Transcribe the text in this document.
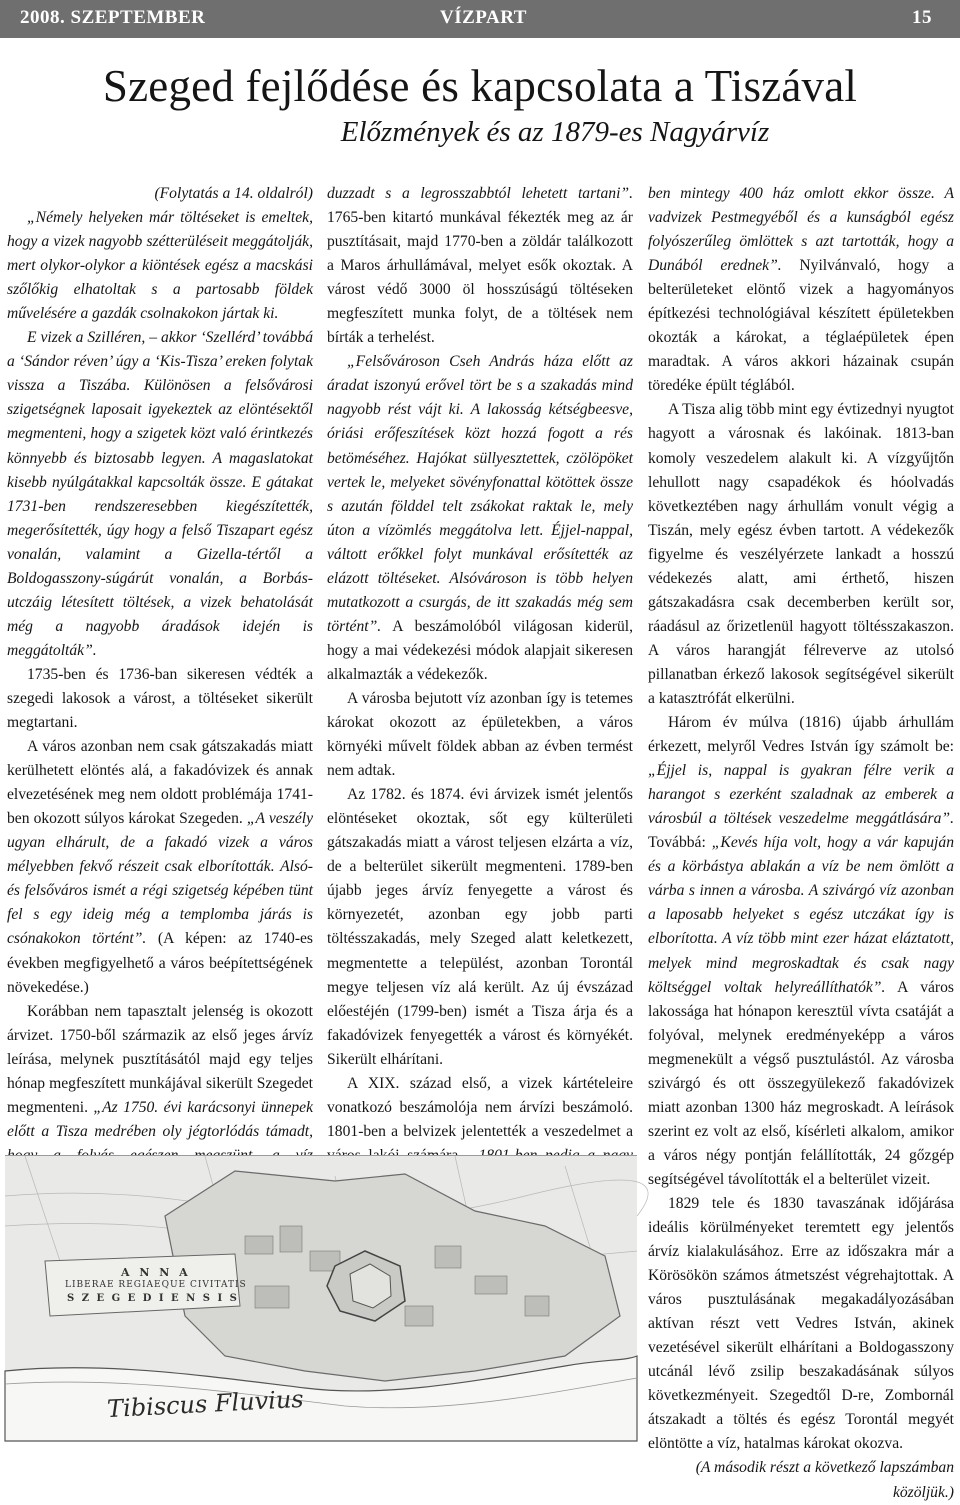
2008. SZEPTEMBER	VÍZPART	15
Szeged fejlődése és kapcsolata a Tiszával
Előzmények és az 1879-es Nagyárvíz

(Folytatás a 14. oldalról)

„Némely helyeken már töltéseket is emeltek, hogy a vizek nagyobb szétterüléseit meggátolják, mert olykor-olykor a kiöntések egész a macskási szőlőkig elhatoltak s a partosabb földek művelésére a gazdák csolnakokon jártak ki.

E vizek a Szilléren, – akkor ‘Szellérd’ továbbá a ‘Sándor réven’ úgy a ‘Kis-Tisza’ ereken folytak vissza a Tiszába. Különösen a felsővárosi szigetségnek laposait igyekeztek az elöntésektől megmenteni, hogy a szigetek közt való érintkezés könnyebb és biztosabb legyen. A magaslatokat kisebb nyúlgátakkal kapcsolták össze. E gátakat 1731-ben rendszeresebben kiegészítették, megerősítették, úgy hogy a felső Tiszapart egész vonalán, valamint a Gizella-tértől a Boldogasszony-súgárút vonalán, a Borbás-utczáig létesített töltések, a vizek behatolását még a nagyobb áradások idején is meggátolták”.

1735-ben és 1736-ban sikeresen védték a szegedi lakosok a várost, a töltéseket sikerült megtartani.

A város azonban nem csak gátszakadás miatt kerülhetett elöntés alá, a fakadóvizek és annak elvezetésének meg nem oldott problémája 1741-ben okozott súlyos károkat Szegeden. „A veszély ugyan elhárult, de a fakadó vizek a város mélyebben fekvő részeit csak elborították. Alsó- és felsőváros ismét a régi szigetség képében tünt fel s egy ideig még a templomba járás is csónakokon történt”. (A képen: az 1740-es években megfigyelhető a város beépítettségének növekedése.)

Korábban nem tapasztalt jelenség is okozott árvizet. 1750-ből származik az első jeges árvíz leírása, melynek pusztításától majd egy teljes hónap megfeszített munkájával sikerült Szegedet megmenteni. „Az 1750. évi karácsonyi ünnepek előtt a Tisza medrében oly jégtorlódás támadt,

duzzadt s a legrosszabbtól lehetett tartani”. 1765-ben kitartó munkával fékezték meg az ár pusztításait, majd 1770-ben a zöldár találkozott a Maros árhullámával, melyet esők okoztak. A várost védő 3000 öl hosszúságú töltéseken megfeszített munka folyt, de a töltések nem bírták a terhelést.

„Felsővároson Cseh András háza előtt az áradat iszonyú erővel tört be s a szakadás mind nagyobb rést vájt ki. A lakosság kétségbeesve, óriási erőfeszítések közt hozzá fogott a rés betöméséhez. Hajókat süllyesztettek, czölöpöket vertek le, melyeket sövényfonattal kötöttek össze s azután földdel telt zsákokat raktak le, mely úton a vízömlés meggátolva lett. Éjjel-nappal, váltott erőkkel folyt munkával erősítették az elázott töltéseket. Alsóvároson is több helyen mutatkozott a csurgás, de itt szakadás még sem történt”. A beszámolóból világosan kiderül, hogy a mai védekezési módok alapjait sikeresen alkalmazták a védekezők.

A városba bejutott víz azonban így is tetemes károkat okozott az épületekben, a város környéki művelt földek abban az évben termést nem adtak.

Az 1782. és 1874. évi árvizek ismét jelentős elöntéseket okoztak, sőt egy külterületi gátszakadás miatt a várost teljesen elzárta a víz, de a belterület sikerült megmenteni. 1789-ben újabb jeges árvíz fenyegette a várost és környezetét, azonban egy jobb parti töltésszakadás, mely Szeged alatt keletkezett, megmentette a települést, azonban Torontál megye teljesen víz alá került. Az új évszázad előestéjén (1799-ben) ismét a Tisza árja és a fakadóvizek fenyegették a várost és környékét. Sikerült elhárítani.

A XIX. század első, a vizek kártételeire vonatkozó beszámolója nem árvízi beszámoló. 1801-ben a belvizek jelentették a veszedelmet a

ben mintegy 400 ház omlott ekkor össze. A vadvizek Pestmegyéből és a kunságból egész folyószerűleg ömlöttek s azt tartották, hogy a Dunából erednek”. Nyilvánvaló, hogy a belterületeket elöntő vizek a hagyományos építkezési technológiával készített épületekben okozták a károkat, a téglaépületek épen maradtak. A város akkori házainak csupán töredéke épült téglából.

A Tisza alig több mint egy évtizednyi nyugtot hagyott a városnak és lakóinak. 1813-ban komoly veszedelem alakult ki. A vízgyűjtőn lehullott nagy csapadékok és hóolvadás következtében nagy árhullám vonult végig a Tiszán, mely egész évben tartott. A védekezők figyelme és veszélyérzete lankadt a hosszú védekezés alatt, ami érthető, hiszen gátszakadásra csak decemberben került sor, ráadásul az őrizetlenül hagyott töltésszakaszon. A város harangját félreverve az utolsó pillanatban érkező lakosok segítségével sikerült a katasztrófát elkerülni.

Három év múlva (1816) újabb árhullám érkezett, melyről Vedres István így számolt be: „Éjjel is, nappal is gyakran félre verik a harangot s ezerként szaladnak az emberek a városbúl a töltések veszedelme meggátlására”. Továbbá: „Kevés híja volt, hogy a vár kapuján és a körbástya ablakán a víz be nem ömlött a várba s innen a városba. A szivárgó víz azonban a laposabb helyeket s egész utczákat így is elborította. A víz több mint ezer házat eláztatott, melyek mind megroskadtak és csak nagy költséggel voltak helyreállíthatók”. A város lakossága hat hónapon keresztül vívta csatáját a folyóval, melynek eredményeképp a város megmenekült a végső pusztulástól. Az városba szivárgó és ott összegyülekező fakadóvizek miatt azonban 1300 ház megroskadt. A leírások szerint ez volt az első, kísérleti alkalom, amikor a város négy pontján felállították, 24 gőzgép segítségével távolították el a belterület vizeit.

1829 tele és 1830 tavaszának időjárása ideális körülményeket teremtett egy jelentős árvíz kialakulásához. Erre az időszakra már a Körösökön számos átmetszést végrehajtottak. A város pusztulásának megakadályozásában aktívan részt vett Vedres István, akinek vezetésével sikerült elhárítani a Boldogasszony utcánál lévő zsilip beszakadásának súlyos következményeit. Szegedtől D-re, Zombornál átszakadt a töltés és egész Torontál megyét elöntötte a víz, hatalmas károkat okozva.

(A második részt a következő lapszámban közöljük.)

A N N A
LIBERAE REGIAEQUE CIVITATIS
S Z E G E D I E N S I S
Tibiscus Fluvius
